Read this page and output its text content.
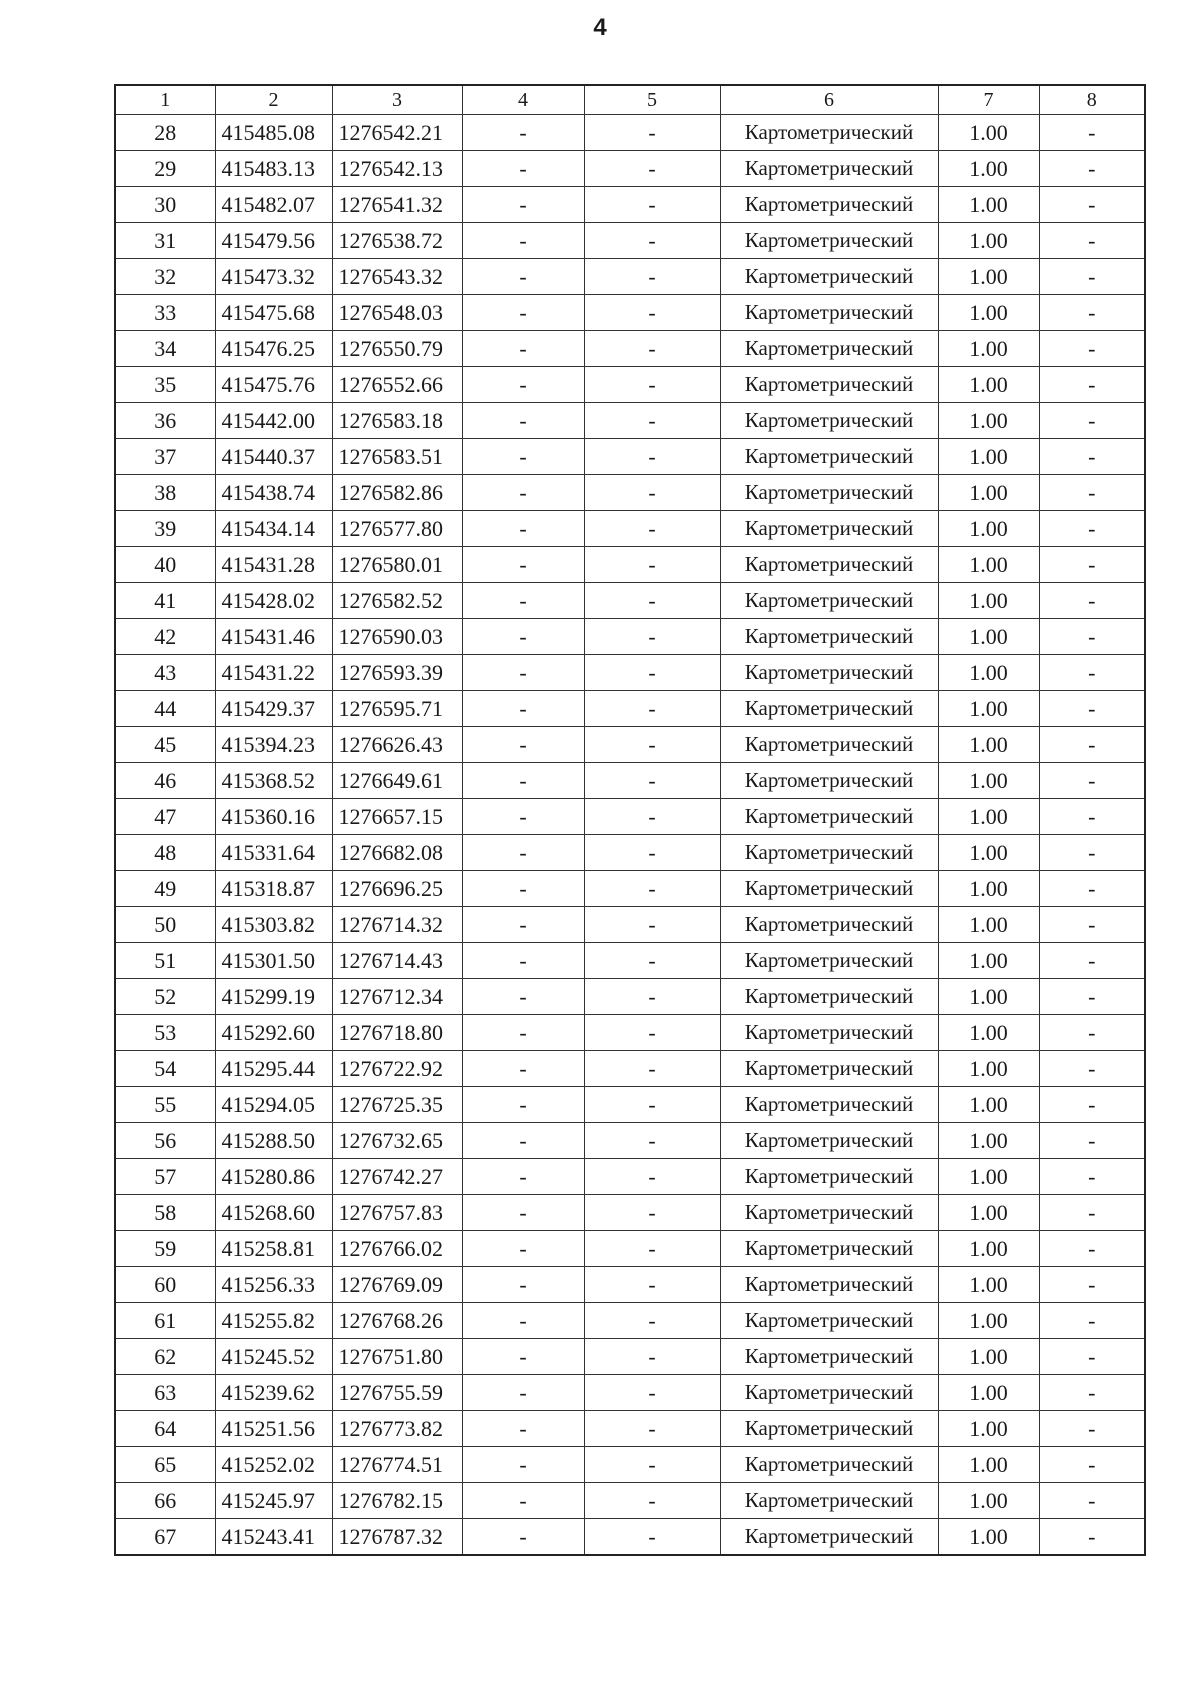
4
1	2	3	4	5	6	7	8
28	415485.08	1276542.21	-	-	Картометрический	1.00	-
29	415483.13	1276542.13	-	-	Картометрический	1.00	-
30	415482.07	1276541.32	-	-	Картометрический	1.00	-
31	415479.56	1276538.72	-	-	Картометрический	1.00	-
32	415473.32	1276543.32	-	-	Картометрический	1.00	-
33	415475.68	1276548.03	-	-	Картометрический	1.00	-
34	415476.25	1276550.79	-	-	Картометрический	1.00	-
35	415475.76	1276552.66	-	-	Картометрический	1.00	-
36	415442.00	1276583.18	-	-	Картометрический	1.00	-
37	415440.37	1276583.51	-	-	Картометрический	1.00	-
38	415438.74	1276582.86	-	-	Картометрический	1.00	-
39	415434.14	1276577.80	-	-	Картометрический	1.00	-
40	415431.28	1276580.01	-	-	Картометрический	1.00	-
41	415428.02	1276582.52	-	-	Картометрический	1.00	-
42	415431.46	1276590.03	-	-	Картометрический	1.00	-
43	415431.22	1276593.39	-	-	Картометрический	1.00	-
44	415429.37	1276595.71	-	-	Картометрический	1.00	-
45	415394.23	1276626.43	-	-	Картометрический	1.00	-
46	415368.52	1276649.61	-	-	Картометрический	1.00	-
47	415360.16	1276657.15	-	-	Картометрический	1.00	-
48	415331.64	1276682.08	-	-	Картометрический	1.00	-
49	415318.87	1276696.25	-	-	Картометрический	1.00	-
50	415303.82	1276714.32	-	-	Картометрический	1.00	-
51	415301.50	1276714.43	-	-	Картометрический	1.00	-
52	415299.19	1276712.34	-	-	Картометрический	1.00	-
53	415292.60	1276718.80	-	-	Картометрический	1.00	-
54	415295.44	1276722.92	-	-	Картометрический	1.00	-
55	415294.05	1276725.35	-	-	Картометрический	1.00	-
56	415288.50	1276732.65	-	-	Картометрический	1.00	-
57	415280.86	1276742.27	-	-	Картометрический	1.00	-
58	415268.60	1276757.83	-	-	Картометрический	1.00	-
59	415258.81	1276766.02	-	-	Картометрический	1.00	-
60	415256.33	1276769.09	-	-	Картометрический	1.00	-
61	415255.82	1276768.26	-	-	Картометрический	1.00	-
62	415245.52	1276751.80	-	-	Картометрический	1.00	-
63	415239.62	1276755.59	-	-	Картометрический	1.00	-
64	415251.56	1276773.82	-	-	Картометрический	1.00	-
65	415252.02	1276774.51	-	-	Картометрический	1.00	-
66	415245.97	1276782.15	-	-	Картометрический	1.00	-
67	415243.41	1276787.32	-	-	Картометрический	1.00	-
